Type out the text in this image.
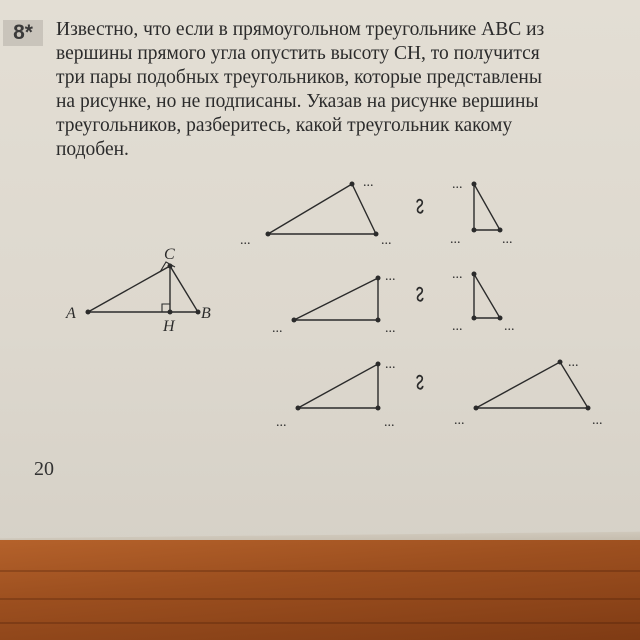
8* Известно, что если в прямоугольном треугольнике ABC из
вершины прямого угла опустить высоту CH, то получится
три пары подобных треугольников, которые представлены
на рисунке, но не подписаны. Указав на рисунке вершины
треугольников, разберитесь, какой треугольник какому
подобен.
A
C
B
H
...
...	...
...
...	...
...
...	...
...
...	...
...
...	...
...
...	...
∾
∾
∾
20
